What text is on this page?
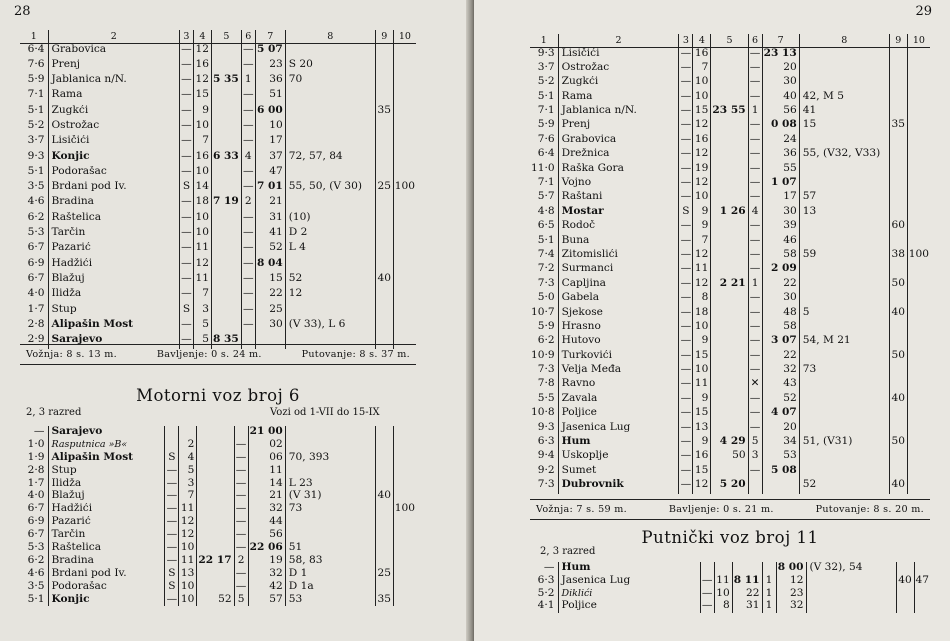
28
1	2	3	4	5	6	7	8	9	10
6·4	Grabovica	—	12		—	5 07			
7·6	Prenj	—	16		—	23	Š 20		
5·9	Jablanica n/N.	—	12	5 35	1	36	70		
7·1	Rama	—	15		—	51			
5·1	Žugkći	—	9		—	6 00		35	
5·2	Ostrožac	—	10		—	10			
3·7	Lisičići	—	7		—	17			
9·3	Konjic	—	16	6 33	4	37	72, 57, 84		
5·1	Podorašac	—	10		—	47			
3·5	Brdani pod Iv.	S	14		—	7 01	55, 50, (V 30)	25	100
4·6	Bradina	—	18	7 19	2	21			
6·2	Raštelica	—	10		—	31	(10)		
5·3	Tarčin	—	10		—	41	D 2		
6·7	Pazarić	—	11		—	52	L 4		
6·9	Hadžići	—	12		—	8 04			
6·7	Blažuj	—	11		—	15	52	40	
4·0	Ilidža	—	7		—	22	12		
1·7	Stup	S	3		—	25			
2·8	Alipašin Most	—	5		—	30	(V 33), L 6		
2·9	Sarajevo	—	5	8 35					
Vožnja: 8 s. 13 m.	Bavljenje: 0 s. 24 m.	Putovanje: 8 s. 37 m.
Motorni voz broj 6
2, 3 razred	Vozi od 1-VII do 15-IX
—	Sarajevo					21 00			
1·0	Rasputnica »B«		2		—	02			
1·9	Alipašin Most	S	4		—	06	70, 393		
2·8	Stup	—	5		—	11			
1·7	Ilidža	—	3		—	14	L 23		
4·0	Blažuj	—	7		—	21	(V 31)	40	
6·7	Hadžići	—	11		—	32	73		100
6·9	Pazarić	—	12		—	44			
6·7	Tarčin	—	12		—	56			
5·3	Raštelica	—	10		—	22 06	51		
6·2	Bradina	—	11	22 17	2	19	58, 83		
4·6	Brdani pod Iv.	S	13		—	32	D 1	25	
3·5	Podorašac	S	10		—	42	D 1a		
5·1	Konjic	—	10	52	5	57	53	35	
29
1	2	3	4	5	6	7	8	9	10
9·3	Lisičići	—	16		—	23 13			
3·7	Ostrožac	—	7		—	20			
5·2	Žugkći	—	10		—	30			
5·1	Rama	—	10		—	40	42, M 5		
7·1	Jablanica n/N.	—	15	23 55	1	56	41		
5·9	Prenj	—	12		—	0 08	15	35	
7·6	Grabovica	—	16		—	24			
6·4	Drežnica	—	12		—	36	55, (V32, V33)		
11·0	Raška Gora	—	19		—	55			
7·1	Vojno	—	12		—	1 07			
5·7	Raštani	—	10		—	17	57		
4·8	Mostar	S	9	1 26	4	30	13		
6·5	Rodoč	—	9		—	39		60	
5·1	Buna	—	7		—	46			
7·4	Žitomislići	—	12		—	58	59	38	100
7·2	Šurmanci	—	11		—	2 09			
7·3	Čapljina	—	12	2 21	1	22		50	
5·0	Gabela	—	8		—	30			
10·7	Sjekose	—	18		—	48	5	40	
5·9	Hrasno	—	10		—	58			
6·2	Hutovo	—	9		—	3 07	54, M 21		
10·9	Turkovići	—	15		—	22		50	
7·3	Velja Međa	—	10		—	32	73		
7·8	Ravno	—	11		✕	43			
5·5	Zavala	—	9		—	52		40	
10·8	Poljice	—	15		—	4 07			
9·3	Jasenica Lug	—	13		—	20			
6·3	Hum	—	9	4 29	5	34	51, (V31)	50	
9·4	Uskoplje	—	16	50	3	53			
9·2	Šumet	—	15		—	5 08			
7·3	Dubrovnik	—	12	5 20			52	40	
Vožnja: 7 s. 59 m.	Bavljenje: 0 s. 21 m.	Putovanje: 8 s. 20 m.
Putnički voz broj 11
2, 3 razred
—	Hum					8 00	(V 32), 54		
6·3	Jasenica Lug	—	11	8 11	1	12		40	47
5·2	Diklići	—	10	22	1	23			
4·1	Poljice	—	8	31	1	32			
